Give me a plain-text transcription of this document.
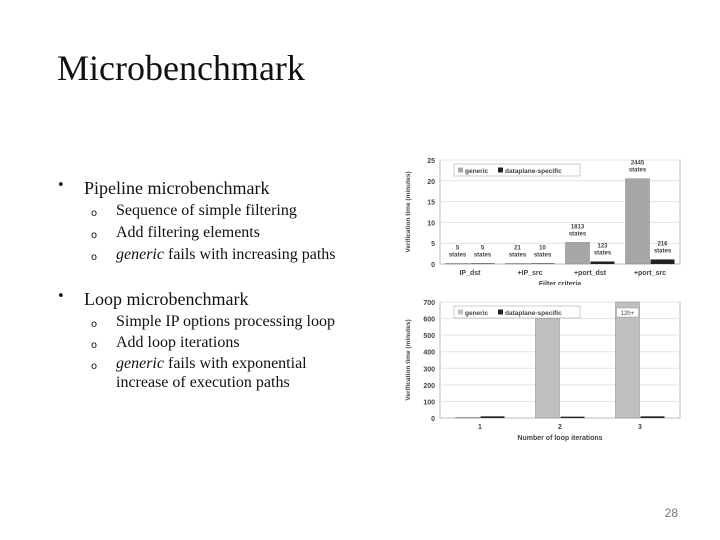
Microbenchmark
• Pipeline microbenchmark
o Sequence of simple filtering
o Add filtering elements
o generic fails with increasing paths
• Loop microbenchmark
o Simple IP options processing loop
o Add loop iterations
o generic fails with exponential increase of execution paths
0
5
10
15
20
25
Verification time (minutes)
Filter criteria
IP_dst
5
states
5
states
+IP_src
21
states
10
states
+port_dst
1813
states
123
states
+port_src
2445
states
216
states
generic	dataplane-specific
0
100
200
300
400
500
600
700
Verification time (minutes)
Number of loop iterations
1	2	3
generic	dataplane-specific	12h+
28
